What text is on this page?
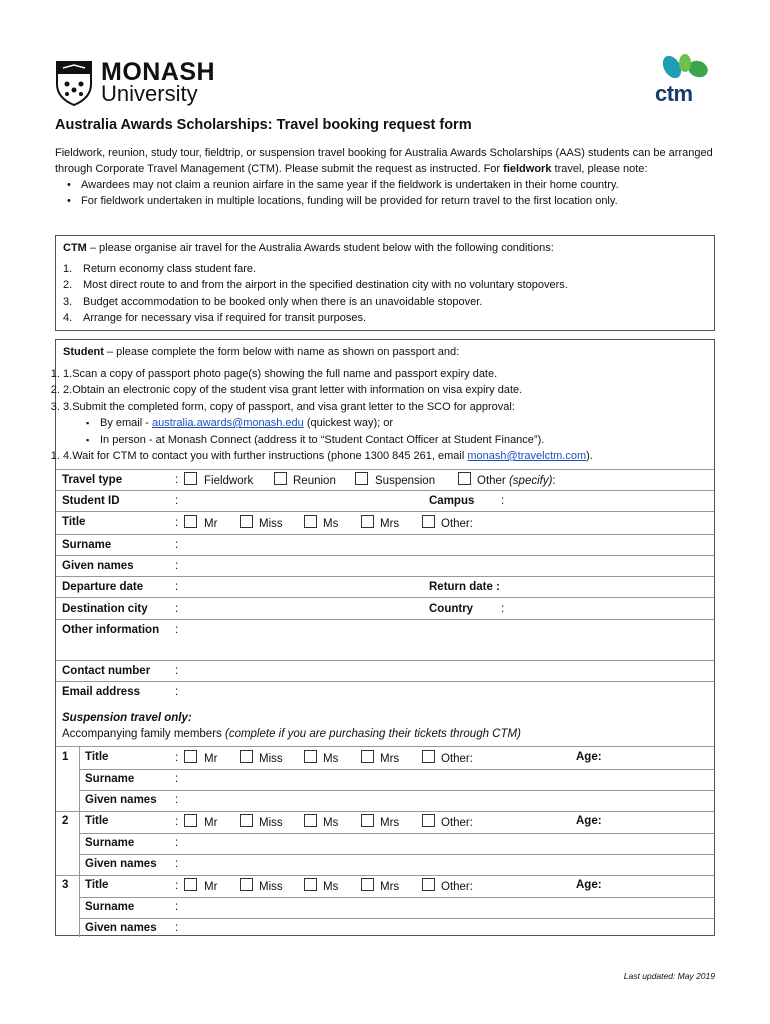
MONASH
University	ctm
Australia Awards Scholarships: Travel booking request form

Fieldwork, reunion, study tour, fieldtrip, or suspension travel booking for Australia Awards Scholarships (AAS) students can be arranged through Corporate Travel Management (CTM). Please submit the request as instructed. For fieldwork travel, please note:

• Awardees may not claim a reunion airfare in the same year if the fieldwork is undertaken in their home country.
• For fieldwork undertaken in multiple locations, funding will be provided for return travel to the first location only.
CTM – please organise air travel for the Australia Awards student below with the following conditions:
1. Return economy class student fare.
2. Most direct route to and from the airport in the specified destination city with no voluntary stopovers.
3. Budget accommodation to be booked only when there is an unavoidable stopover.
4. Arrange for necessary visa if required for transit purposes.
Student – please complete the form below with name as shown on passport and:
1. 1.Scan a copy of passport photo page(s) showing the full name and passport expiry date.
2. 2.Obtain an electronic copy of the student visa grant letter with information on visa expiry date.
3. 3.Submit the completed form, copy of passport, and visa grant letter to the SCO for approval:
▪ By email - australia.awards@monash.edu (quickest way); or
▪ In person - at Monash Connect (address it to “Student Contact Officer at Student Finance”).
1. 4.Wait for CTM to contact you with further instructions (phone 1300 845 261, email monash@travelctm.com).
Travel type	: Fieldwork	Reunion	Suspension	Other (specify):
Student ID	:	Campus :
Title	: Mr	Miss	Ms	Mrs	Other:
Surname	:
Given names	:
Departure date	:	Return date :
Destination city :	Country :
Other information :
Contact number :
Email address	:
Suspension travel only:
Accompanying family members (complete if you are purchasing their tickets through CTM)
1 Title	: Mr	Miss	Ms	Mrs	Other:	Age:
Surname	:
Given names :
2 Title	: Mr	Miss	Ms	Mrs	Other:	Age:
Surname	:
Given names :
3 Title	: Mr	Miss	Ms	Mrs	Other:	Age:
Surname	:
Given names :
Last updated: May 2019
